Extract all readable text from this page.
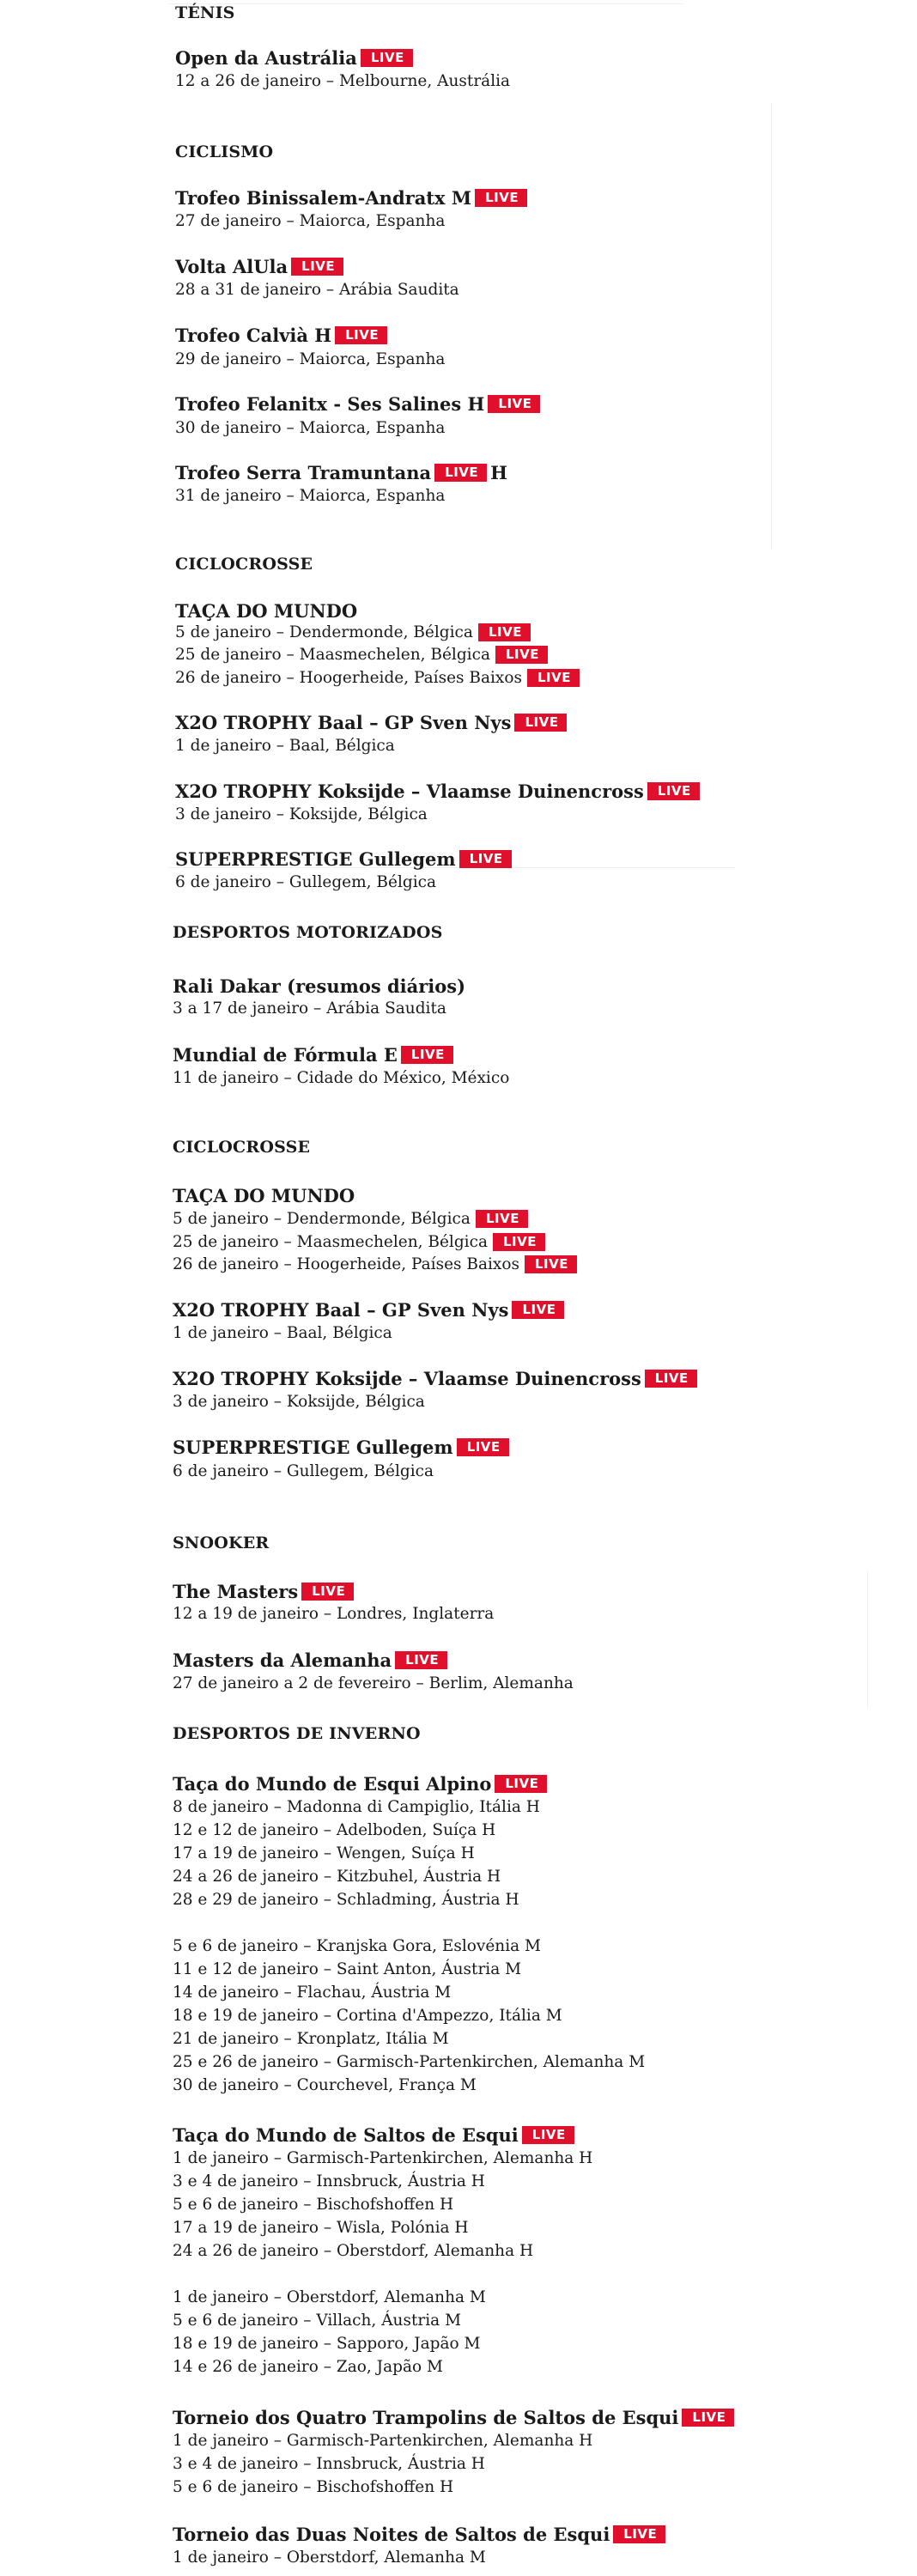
TÉNIS
Open da Austrália LIVE
12 a 26 de janeiro – Melbourne, Austrália
CICLISMO
Trofeo Binissalem-Andratx M LIVE
27 de janeiro – Maiorca, Espanha
Volta AlUla LIVE
28 a 31 de janeiro – Arábia Saudita
Trofeo Calvià H LIVE
29 de janeiro – Maiorca, Espanha
Trofeo Felanitx - Ses Salines H LIVE
30 de janeiro – Maiorca, Espanha
Trofeo Serra Tramuntana LIVE H
31 de janeiro – Maiorca, Espanha
CICLOCROSSE
TAÇA DO MUNDO
5 de janeiro – Dendermonde, Bélgica LIVE
25 de janeiro – Maasmechelen, Bélgica LIVE
26 de janeiro – Hoogerheide, Países Baixos LIVE
X2O TROPHY Baal – GP Sven Nys LIVE
1 de janeiro – Baal, Bélgica
X2O TROPHY Koksijde – Vlaamse Duinencross LIVE
3 de janeiro – Koksijde, Bélgica
SUPERPRESTIGE Gullegem LIVE
6 de janeiro – Gullegem, Bélgica
DESPORTOS MOTORIZADOS
Rali Dakar (resumos diários)
3 a 17 de janeiro – Arábia Saudita
Mundial de Fórmula E LIVE
11 de janeiro – Cidade do México, México
CICLOCROSSE
TAÇA DO MUNDO
5 de janeiro – Dendermonde, Bélgica LIVE
25 de janeiro – Maasmechelen, Bélgica LIVE
26 de janeiro – Hoogerheide, Países Baixos LIVE
X2O TROPHY Baal – GP Sven Nys LIVE
1 de janeiro – Baal, Bélgica
X2O TROPHY Koksijde – Vlaamse Duinencross LIVE
3 de janeiro – Koksijde, Bélgica
SUPERPRESTIGE Gullegem LIVE
6 de janeiro – Gullegem, Bélgica
SNOOKER
The Masters LIVE
12 a 19 de janeiro – Londres, Inglaterra
Masters da Alemanha LIVE
27 de janeiro a 2 de fevereiro – Berlim, Alemanha
DESPORTOS DE INVERNO
Taça do Mundo de Esqui Alpino LIVE
8 de janeiro – Madonna di Campiglio, Itália H
12 e 12 de janeiro – Adelboden, Suíça H
17 a 19 de janeiro – Wengen, Suíça H
24 a 26 de janeiro – Kitzbuhel, Áustria H
28 e 29 de janeiro – Schladming, Áustria H
5 e 6 de janeiro – Kranjska Gora, Eslovénia M
11 e 12 de janeiro – Saint Anton, Áustria M
14 de janeiro – Flachau, Áustria M
18 e 19 de janeiro – Cortina d'Ampezzo, Itália M
21 de janeiro – Kronplatz, Itália M
25 e 26 de janeiro – Garmisch-Partenkirchen, Alemanha M
30 de janeiro – Courchevel, França M
Taça do Mundo de Saltos de Esqui LIVE
1 de janeiro – Garmisch-Partenkirchen, Alemanha H
3 e 4 de janeiro – Innsbruck, Áustria H
5 e 6 de janeiro – Bischofshoffen H
17 a 19 de janeiro – Wisla, Polónia H
24 a 26 de janeiro – Oberstdorf, Alemanha H
1 de janeiro – Oberstdorf, Alemanha M
5 e 6 de janeiro – Villach, Áustria M
18 e 19 de janeiro – Sapporo, Japão M
14 e 26 de janeiro – Zao, Japão M
Torneio dos Quatro Trampolins de Saltos de Esqui LIVE
1 de janeiro – Garmisch-Partenkirchen, Alemanha H
3 e 4 de janeiro – Innsbruck, Áustria H
5 e 6 de janeiro – Bischofshoffen H
Torneio das Duas Noites de Saltos de Esqui LIVE
1 de janeiro – Oberstdorf, Alemanha M
